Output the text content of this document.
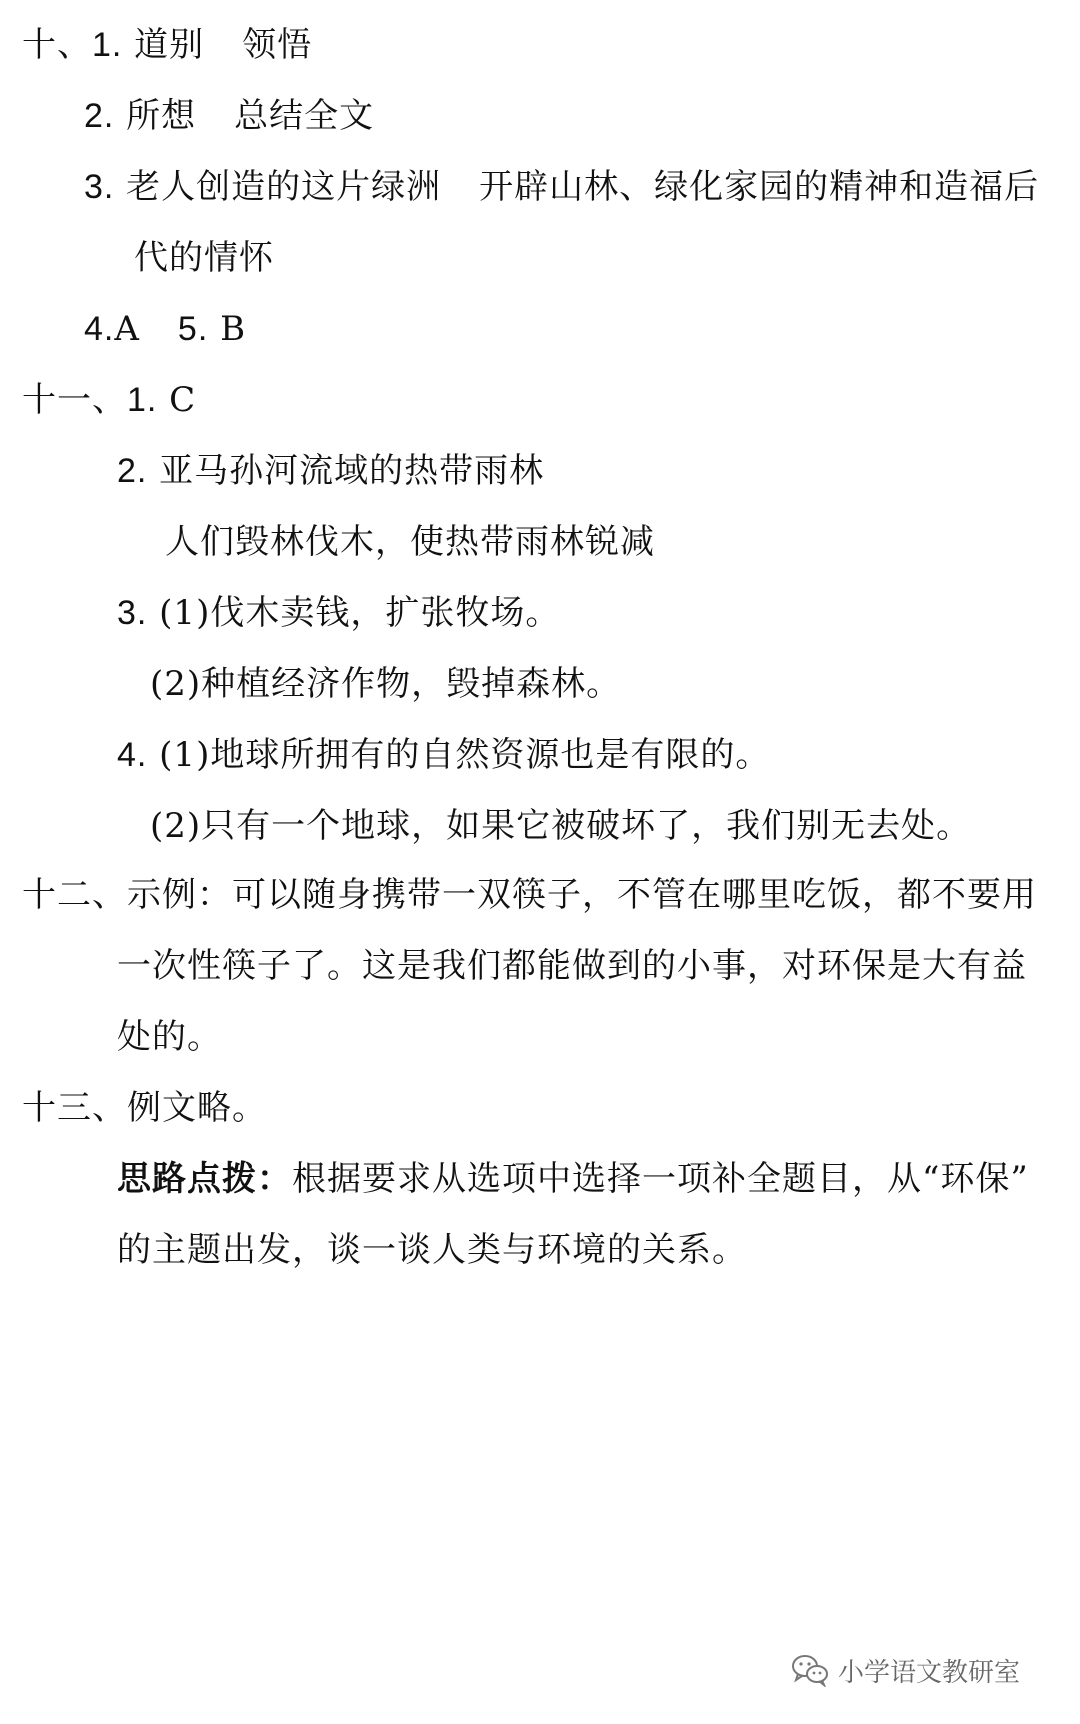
十、1. 道别 领悟

2. 所想 总结全文

3. 老人创造的这片绿洲 开辟山林、绿化家园的精神和造福后

代的情怀

4.A 5. B

十一、1. C

2. 亚马孙河流域的热带雨林

人们毁林伐木，使热带雨林锐减

3. (1)伐木卖钱，扩张牧场。

(2)种植经济作物，毁掉森林。

4. (1)地球所拥有的自然资源也是有限的。

(2)只有一个地球，如果它被破坏了，我们别无去处。

十二、示例：可以随身携带一双筷子，不管在哪里吃饭，都不要用

一次性筷子了。这是我们都能做到的小事，对环保是大有益

处的。

十三、例文略。

思路点拨：根据要求从选项中选择一项补全题目，从“环保”

的主题出发，谈一谈人类与环境的关系。

小学语文教研室
